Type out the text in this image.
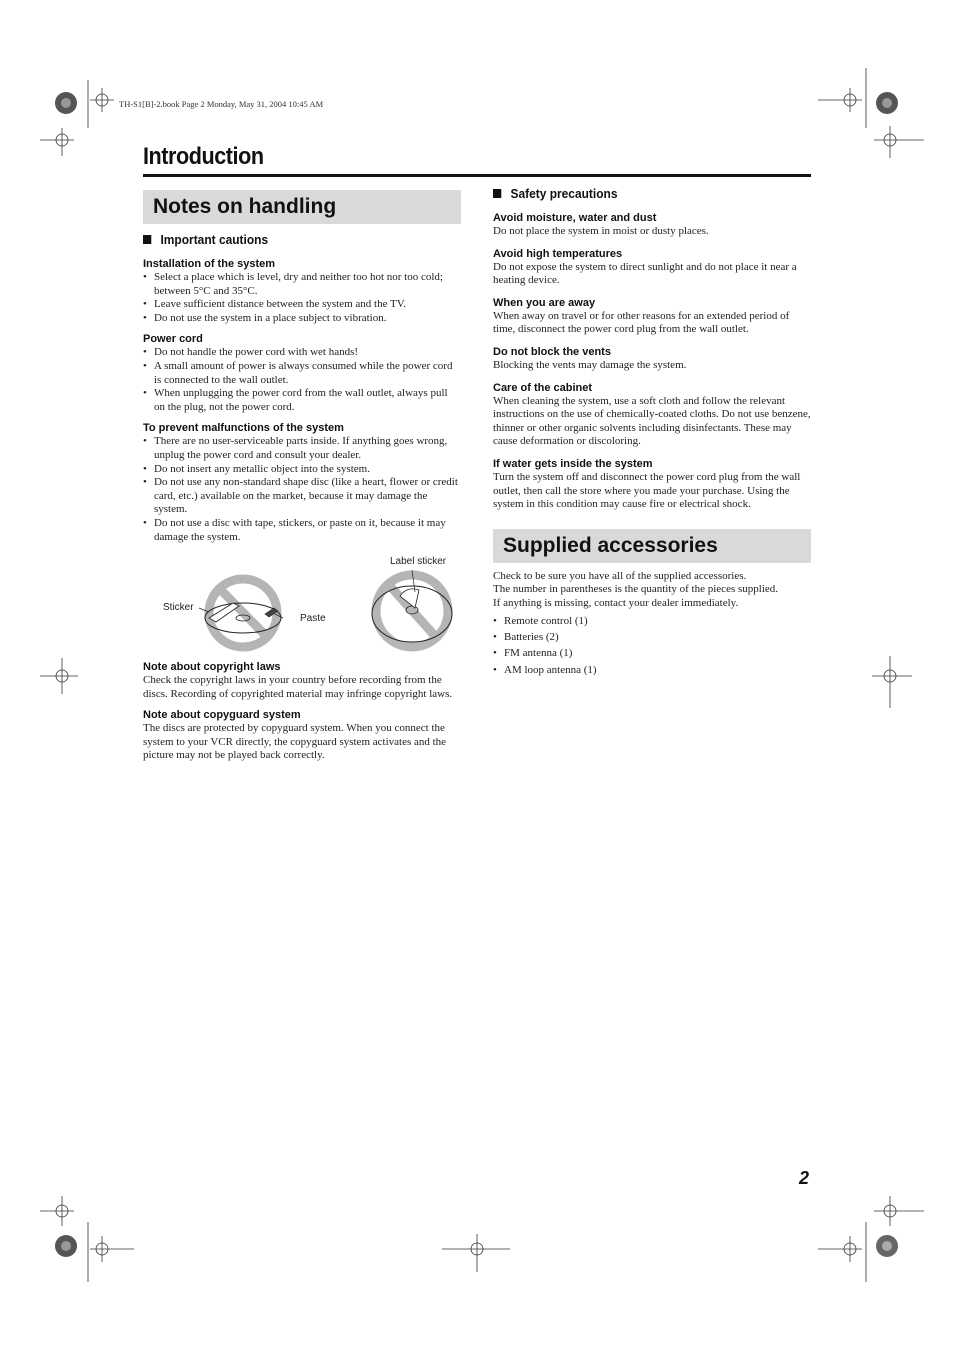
TH-S1[B]-2.book Page 2 Monday, May 31, 2004 10:45 AM
Introduction
Notes on handling
Important cautions
Installation of the system
• Select a place which is level, dry and neither too hot nor too cold; between 5°C and 35°C.
• Leave sufficient distance between the system and the TV.
• Do not use the system in a place subject to vibration.
Power cord
• Do not handle the power cord with wet hands!
• A small amount of power is always consumed while the power cord is connected to the wall outlet.
• When unplugging the power cord from the wall outlet, always pull on the plug, not the power cord.
To prevent malfunctions of the system
• There are no user-serviceable parts inside. If anything goes wrong, unplug the power cord and consult your dealer.
• Do not insert any metallic object into the system.
• Do not use any non-standard shape disc (like a heart, flower or credit card, etc.) available on the market, because it may damage the system.
• Do not use a disc with tape, stickers, or paste on it, because it may damage the system.
Label sticker
Sticker
Paste
Note about copyright laws
Check the copyright laws in your country before recording from the discs. Recording of copyrighted material may infringe copyright laws.
Note about copyguard system
The discs are protected by copyguard system. When you connect the system to your VCR directly, the copyguard system activates and the picture may not be played back correctly.
Safety precautions
Avoid moisture, water and dust
Do not place the system in moist or dusty places.
Avoid high temperatures
Do not expose the system to direct sunlight and do not place it near a heating device.
When you are away
When away on travel or for other reasons for an extended period of time, disconnect the power cord plug from the wall outlet.
Do not block the vents
Blocking the vents may damage the system.
Care of the cabinet
When cleaning the system, use a soft cloth and follow the relevant instructions on the use of chemically-coated cloths. Do not use benzene, thinner or other organic solvents including disinfectants. These may cause deformation or discoloring.
If water gets inside the system
Turn the system off and disconnect the power cord plug from the wall outlet, then call the store where you made your purchase. Using the system in this condition may cause fire or electrical shock.
Supplied accessories
Check to be sure you have all of the supplied accessories.
The number in parentheses is the quantity of the pieces supplied.
If anything is missing, contact your dealer immediately.
• Remote control (1)
• Batteries (2)
• FM antenna (1)
• AM loop antenna (1)
2
